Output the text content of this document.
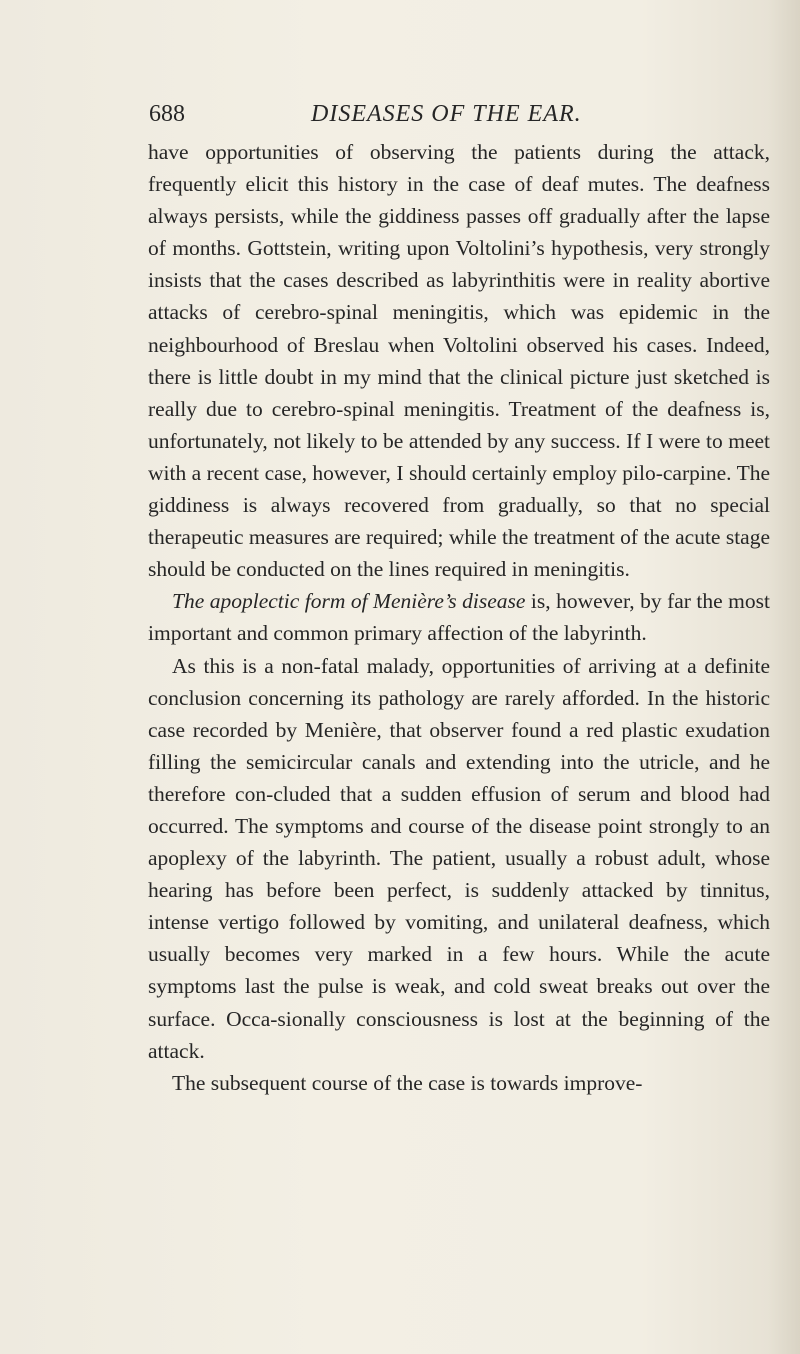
688	DISEASES OF THE EAR.

have opportunities of observing the patients during the attack, frequently elicit this history in the case of deaf mutes. The deafness always persists, while the giddiness passes off gradually after the lapse of months. Gottstein, writing upon Voltolini’s hypothesis, very strongly insists that the cases described as labyrinthitis were in reality abortive attacks of cerebro-spinal meningitis, which was epidemic in the neighbourhood of Breslau when Voltolini observed his cases. Indeed, there is little doubt in my mind that the clinical picture just sketched is really due to cerebro-spinal meningitis. Treatment of the deafness is, unfortunately, not likely to be attended by any success. If I were to meet with a recent case, however, I should certainly employ pilo-carpine. The giddiness is always recovered from gradually, so that no special therapeutic measures are required; while the treatment of the acute stage should be conducted on the lines required in meningitis.

The apoplectic form of Menière’s disease is, however, by far the most important and common primary affection of the labyrinth.

As this is a non-fatal malady, opportunities of arriving at a definite conclusion concerning its pathology are rarely afforded. In the historic case recorded by Menière, that observer found a red plastic exudation filling the semicircular canals and extending into the utricle, and he therefore con-cluded that a sudden effusion of serum and blood had occurred. The symptoms and course of the disease point strongly to an apoplexy of the labyrinth. The patient, usually a robust adult, whose hearing has before been perfect, is suddenly attacked by tinnitus, intense vertigo followed by vomiting, and unilateral deafness, which usually becomes very marked in a few hours. While the acute symptoms last the pulse is weak, and cold sweat breaks out over the surface. Occa-sionally consciousness is lost at the beginning of the attack.

The subsequent course of the case is towards improve-
